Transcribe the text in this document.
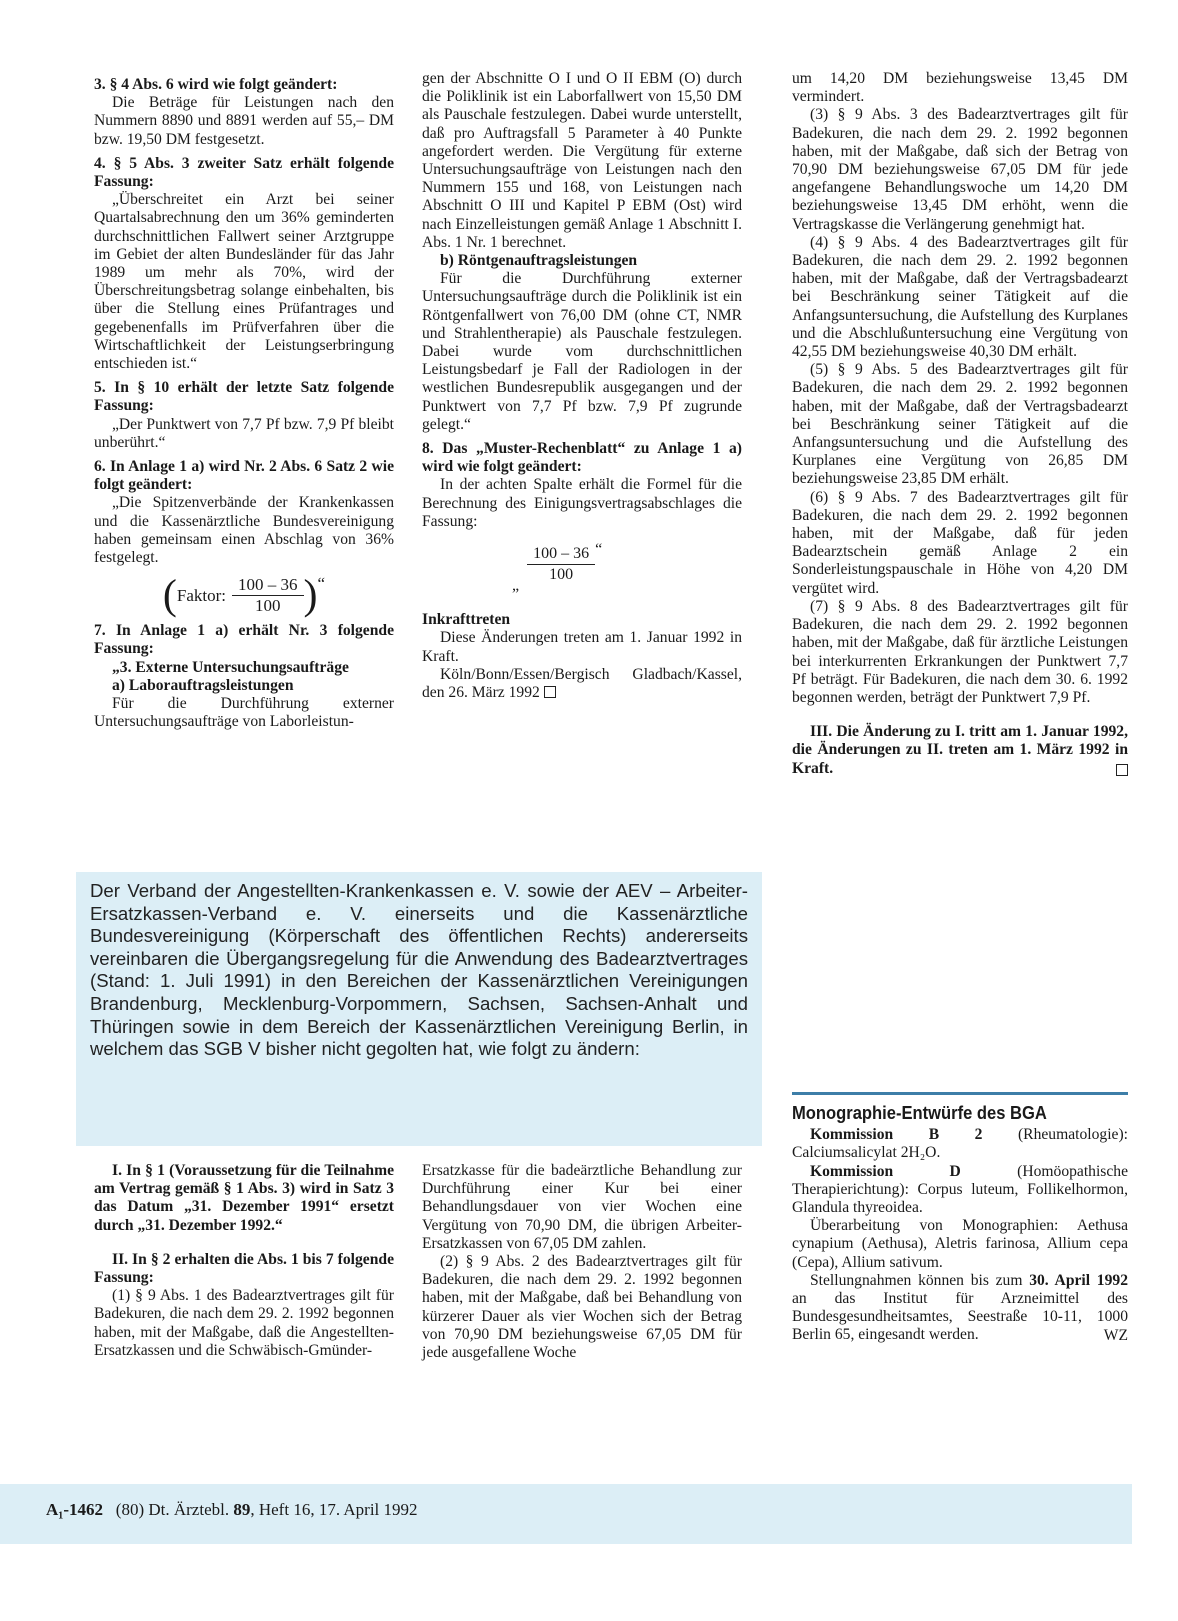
3. § 4 Abs. 6 wird wie folgt geändert:

Die Beträge für Leistungen nach den Nummern 8890 und 8891 werden auf 55,– DM bzw. 19,50 DM festgesetzt.

4. § 5 Abs. 3 zweiter Satz erhält folgende Fassung:

„Überschreitet ein Arzt bei seiner Quartalsabrechnung den um 36% geminderten durchschnittlichen Fallwert seiner Arztgruppe im Gebiet der alten Bundesländer für das Jahr 1989 um mehr als 70%, wird der Überschreitungsbetrag solange einbehalten, bis über die Stellung eines Prüfantrages und gegebenenfalls im Prüfverfahren über die Wirtschaftlichkeit der Leistungserbringung entschieden ist.“

5. In § 10 erhält der letzte Satz folgende Fassung:

„Der Punktwert von 7,7 Pf bzw. 7,9 Pf bleibt unberührt.“

6. In Anlage 1 a) wird Nr. 2 Abs. 6 Satz 2 wie folgt geändert:

„Die Spitzenverbände der Krankenkassen und die Kassenärztliche Bundesvereinigung haben gemeinsam einen Abschlag von 36% festgelegt.

(Faktor: $\frac{100 - 36}{100}$ )“

7. In Anlage 1 a) erhält Nr. 3 folgende Fassung:

„3. Externe Untersuchungsaufträge

a) Laborauftragsleistungen

Für die Durchführung externer Untersuchungsaufträge von Laborleistun-

gen der Abschnitte O I und O II EBM (O) durch die Poliklinik ist ein Laborfallwert von 15,50 DM als Pauschale festzulegen. Dabei wurde unterstellt, daß pro Auftragsfall 5 Parameter à 40 Punkte angefordert werden. Die Vergütung für externe Untersuchungsaufträge von Leistungen nach den Nummern 155 und 168, von Leistungen nach Abschnitt O III und Kapitel P EBM (Ost) wird nach Einzelleistungen gemäß Anlage 1 Abschnitt I. Abs. 1 Nr. 1 berechnet.

b) Röntgenauftragsleistungen

Für die Durchführung externer Untersuchungsaufträge durch die Poliklinik ist ein Röntgenfallwert von 76,00 DM (ohne CT, NMR und Strahlentherapie) als Pauschale festzulegen. Dabei wurde vom durchschnittlichen Leistungsbedarf je Fall der Radiologen in der westlichen Bundesrepublik ausgegangen und der Punktwert von 7,7 Pf bzw. 7,9 Pf zugrunde gelegt.“

8. Das „Muster-Rechenblatt“ zu Anlage 1 a) wird wie folgt geändert:

In der achten Spalte erhält die Formel für die Berechnung des Einigungsvertragsabschlages die Fassung:

„
$\frac{100 - 36}{100}$ “

Inkrafttreten

Diese Änderungen treten am 1. Januar 1992 in Kraft.

Köln/Bonn/Essen/Bergisch Gladbach/Kassel, den 26. März 1992

um 14,20 DM beziehungsweise 13,45 DM vermindert.

(3) § 9 Abs. 3 des Badearztvertrages gilt für Badekuren, die nach dem 29. 2. 1992 begonnen haben, mit der Maßgabe, daß sich der Betrag von 70,90 DM beziehungsweise 67,05 DM für jede angefangene Behandlungswoche um 14,20 DM beziehungsweise 13,45 DM erhöht, wenn die Vertragskasse die Verlängerung genehmigt hat.

(4) § 9 Abs. 4 des Badearztvertrages gilt für Badekuren, die nach dem 29. 2. 1992 begonnen haben, mit der Maßgabe, daß der Vertragsbadearzt bei Beschränkung seiner Tätigkeit auf die Anfangsuntersuchung, die Aufstellung des Kurplanes und die Abschlußuntersuchung eine Vergütung von 42,55 DM beziehungsweise 40,30 DM erhält.

(5) § 9 Abs. 5 des Badearztvertrages gilt für Badekuren, die nach dem 29. 2. 1992 begonnen haben, mit der Maßgabe, daß der Vertragsbadearzt bei Beschränkung seiner Tätigkeit auf die Anfangsuntersuchung und die Aufstellung des Kurplanes eine Vergütung von 26,85 DM beziehungsweise 23,85 DM erhält.

(6) § 9 Abs. 7 des Badearztvertrages gilt für Badekuren, die nach dem 29. 2. 1992 begonnen haben, mit der Maßgabe, daß für jeden Badearztschein gemäß Anlage 2 ein Sonderleistungspauschale in Höhe von 4,20 DM vergütet wird.

(7) § 9 Abs. 8 des Badearztvertrages gilt für Badekuren, die nach dem 29. 2. 1992 begonnen haben, mit der Maßgabe, daß für ärztliche Leistungen bei interkurrenten Erkrankungen der Punktwert 7,7 Pf beträgt. Für Badekuren, die nach dem 30. 6. 1992 begonnen werden, beträgt der Punktwert 7,9 Pf.

III. Die Änderung zu I. tritt am 1. Januar 1992, die Änderungen zu II. treten am 1. März 1992 in Kraft.

Der Verband der Angestellten-Krankenkassen e. V. sowie der AEV – Arbeiter-Ersatzkassen-Verband e. V. einerseits und die Kassenärztliche Bundesvereinigung (Körperschaft des öffentlichen Rechts) andererseits vereinbaren die Übergangsregelung für die Anwendung des Badearztvertrages (Stand: 1. Juli 1991) in den Bereichen der Kassenärztlichen Vereinigungen Brandenburg, Mecklenburg-Vorpommern, Sachsen, Sachsen-Anhalt und Thüringen sowie in dem Bereich der Kassenärztlichen Vereinigung Berlin, in welchem das SGB V bisher nicht gegolten hat, wie folgt zu ändern:

I. In § 1 (Voraussetzung für die Teilnahme am Vertrag gemäß § 1 Abs. 3) wird in Satz 3 das Datum „31. Dezember 1991“ ersetzt durch „31. Dezember 1992.“

II. In § 2 erhalten die Abs. 1 bis 7 folgende Fassung:

(1) § 9 Abs. 1 des Badearztvertrages gilt für Badekuren, die nach dem 29. 2. 1992 begonnen haben, mit der Maßgabe, daß die Angestellten-Ersatzkassen und die Schwäbisch-Gmünder-

Ersatzkasse für die badeärztliche Behandlung zur Durchführung einer Kur bei einer Behandlungsdauer von vier Wochen eine Vergütung von 70,90 DM, die übrigen Arbeiter-Ersatzkassen von 67,05 DM zahlen.

(2) § 9 Abs. 2 des Badearztvertrages gilt für Badekuren, die nach dem 29. 2. 1992 begonnen haben, mit der Maßgabe, daß bei Behandlung von kürzerer Dauer als vier Wochen sich der Betrag von 70,90 DM beziehungsweise 67,05 DM für jede ausgefallene Woche

Monographie-Entwürfe des BGA

Kommission B 2 (Rheumatologie): Calciumsalicylat 2H₂O.

Kommission D (Homöopathische Therapierichtung): Corpus luteum, Follikelhormon, Glandula thyreoidea.

Überarbeitung von Monographien: Aethusa cynapium (Aethusa), Aletris farinosa, Allium cepa (Cepa), Allium sativum.

Stellungnahmen können bis zum 30. April 1992 an das Institut für Arzneimittel des Bundesgesundheitsamtes, Seestraße 10-11, 1000 Berlin 65, eingesandt werden.	WZ

A₁-1462 (80) Dt. Ärztebl. 89, Heft 16, 17. April 1992
